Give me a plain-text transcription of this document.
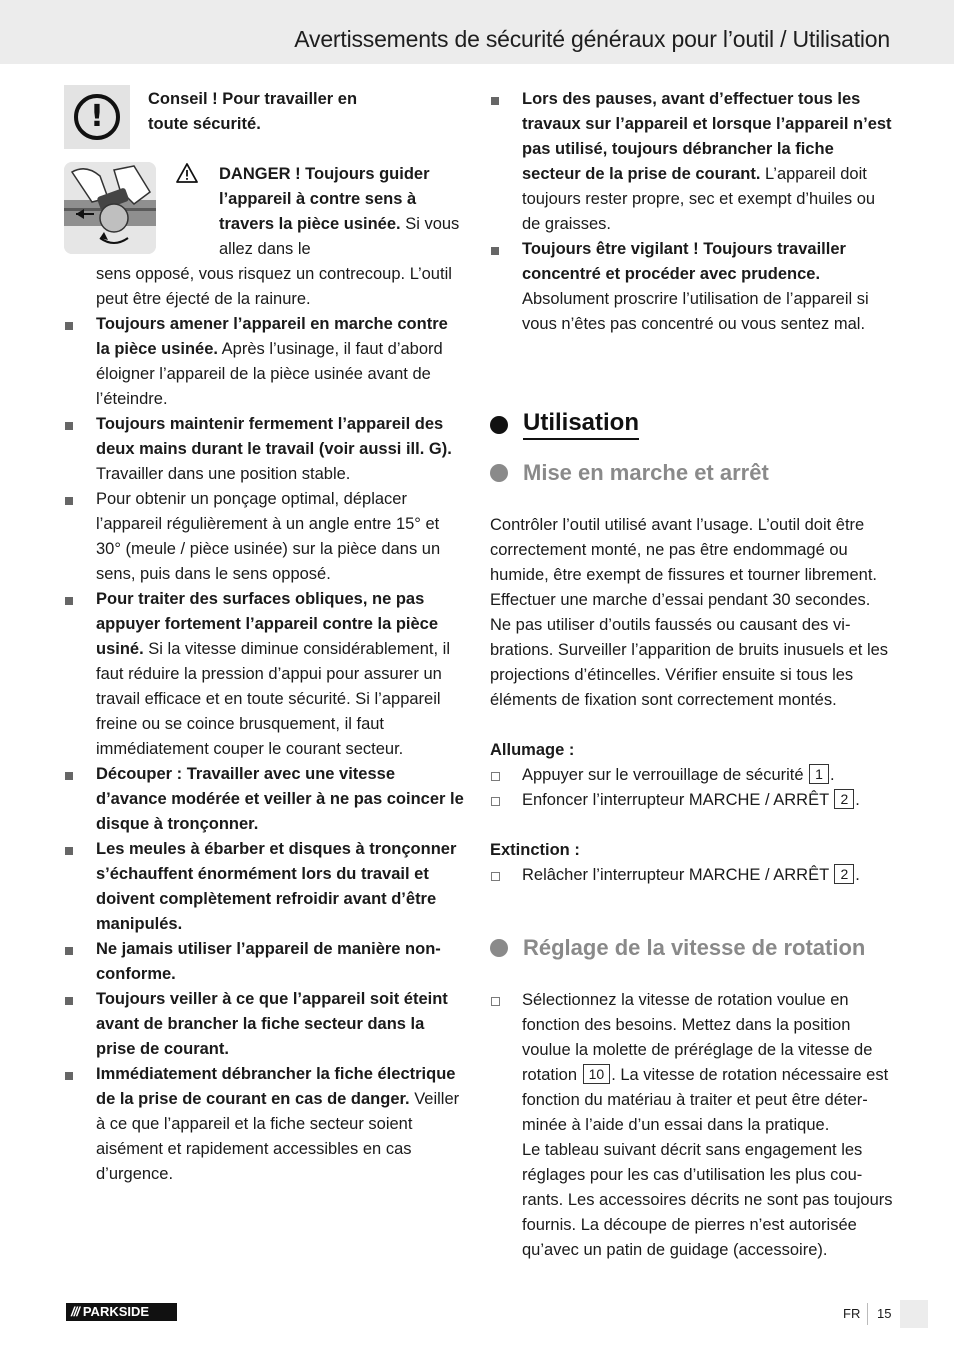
Avertissements de sécurité généraux pour l’outil / Utilisation
!	Conseil ! Pour travailler en toute sécurité.
DANGER ! Toujours guider l’appareil à contre sens à travers la pièce usinée. Si vous allez dans le
sens opposé, vous risquez un contrecoup. L’outil peut être éjecté de la rainure.
Toujours amener l’appareil en marche contre la pièce usinée. Après l’usinage, il faut d’abord éloigner l’appareil de la pièce usinée avant de l’éteindre.
Toujours maintenir fermement l’appareil des deux mains durant le travail (voir aussi ill. G). Travailler dans une position stable.
Pour obtenir un ponçage optimal, déplacer l’appareil régulièrement à un angle entre 15° et 30° (meule / pièce usinée) sur la pièce dans un sens, puis dans le sens opposé.
Pour traiter des surfaces obliques, ne pas appuyer fortement l’appareil contre la pièce usiné. Si la vitesse diminue considérablement, il faut réduire la pression d’appui pour assurer un travail efficace et en toute sécurité. Si l’appareil freine ou se coince brusquement, il faut immédiatement couper le courant secteur.
Découper : Travailler avec une vitesse d’avance modérée et veiller à ne pas coincer le disque à tronçonner.
Les meules à ébarber et disques à tronçonner s’échauffent énormément lors du travail et doivent complètement refroidir avant d’être manipulés.
Ne jamais utiliser l’appareil de manière non-conforme.
Toujours veiller à ce que l’appareil soit éteint avant de brancher la fiche secteur dans la prise de courant.
Immédiatement débrancher la fiche électrique de la prise de courant en cas de danger. Veiller à ce que l’appareil et la fiche secteur soient aisément et rapidement accessibles en cas d’urgence.
Lors des pauses, avant d’effectuer tous les travaux sur l’appareil et lorsque l’appareil n’est pas utilisé, toujours débrancher la fiche secteur de la prise de courant. L’appareil doit toujours rester propre, sec et exempt d’huiles ou de graisses.
Toujours être vigilant ! Toujours travailler concentré et procéder avec prudence. Absolument proscrire l’utilisation de l’appareil si vous n’êtes pas concentré ou vous sentez mal.
Utilisation
Mise en marche et arrêt
Contrôler l’outil utilisé avant l’usage. L’outil doit être correctement monté, ne pas être endommagé ou humide, être exempt de fissures et tourner librement. Effectuer une marche d’essai pendant 30 secondes. Ne pas utiliser d’outils faussés ou causant des vibrations. Surveiller l’apparition de bruits inusuels et les projections d’étincelles. Vérifier ensuite si tous les éléments de fixation sont correctement montés.
Allumage :
Appuyer sur le verrouillage de sécurité 1 .
Enfoncer l’interrupteur MARCHE / ARRÊT 2 .
Extinction :
Relâcher l’interrupteur MARCHE / ARRÊT 2 .
Réglage de la vitesse de rotation
Sélectionnez la vitesse de rotation voulue en fonction des besoins. Mettez dans la position voulue la molette de préréglage de la vitesse de rotation 10 . La vitesse de rotation nécessaire est fonction du matériau à traiter et peut être déterminée à l’aide d’un essai dans la pratique.
Le tableau suivant décrit sans engagement les réglages pour les cas d’utilisation les plus courants. Les accessoires décrits ne sont pas toujours fournis. La découpe de pierres n’est autorisée qu’avec un patin de guidage (accessoire).
/// PARKSIDE	FR 15
